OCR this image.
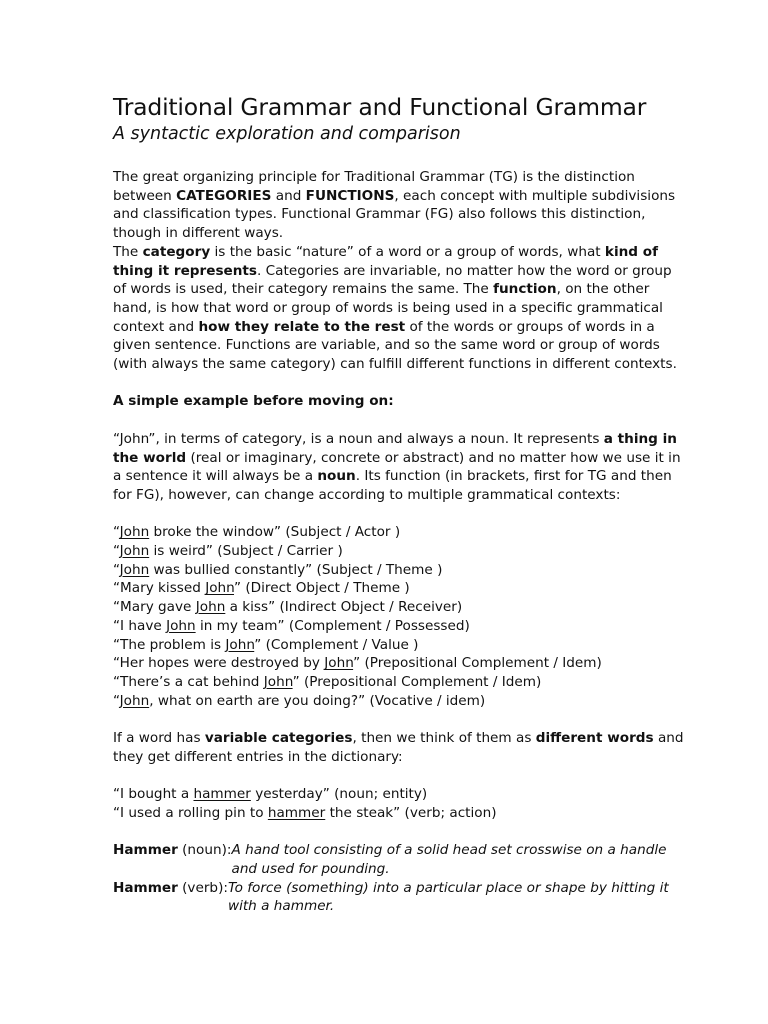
Traditional Grammar and Functional Grammar

A syntactic exploration and comparison

The great organizing principle for Traditional Grammar (TG) is the distinction
between CATEGORIES and FUNCTIONS, each concept with multiple subdivisions
and classification types. Functional Grammar (FG) also follows this distinction,
though in different ways.
The category is the basic “nature” of a word or a group of words, what kind of
thing it represents. Categories are invariable, no matter how the word or group
of words is used, their category remains the same. The function, on the other
hand, is how that word or group of words is being used in a specific grammatical
context and how they relate to the rest of the words or groups of words in a
given sentence. Functions are variable, and so the same word or group of words
(with always the same category) can fulfill different functions in different contexts.
A simple example before moving on:
“John”, in terms of category, is a noun and always a noun. It represents a thing in
the world (real or imaginary, concrete or abstract) and no matter how we use it in
a sentence it will always be a noun. Its function (in brackets, first for TG and then
for FG), however, can change according to multiple grammatical contexts:
“John broke the window” (Subject / Actor )
“John is weird” (Subject / Carrier )
“John was bullied constantly” (Subject / Theme )
“Mary kissed John” (Direct Object / Theme )
“Mary gave John a kiss” (Indirect Object / Receiver)
“I have John in my team” (Complement / Possessed)
“The problem is John” (Complement / Value )
“Her hopes were destroyed by John” (Prepositional Complement / Idem)
“There’s a cat behind John” (Prepositional Complement / Idem)
“John, what on earth are you doing?” (Vocative / idem)
If a word has variable categories, then we think of them as different words and
they get different entries in the dictionary:
“I bought a hammer yesterday” (noun; entity)
“I used a rolling pin to hammer the steak” (verb; action)
Hammer (noun): A hand tool consisting of a solid head set crosswise on a handle
and used for pounding.
Hammer (verb): To force (something) into a particular place or shape by hitting it
with a hammer.
